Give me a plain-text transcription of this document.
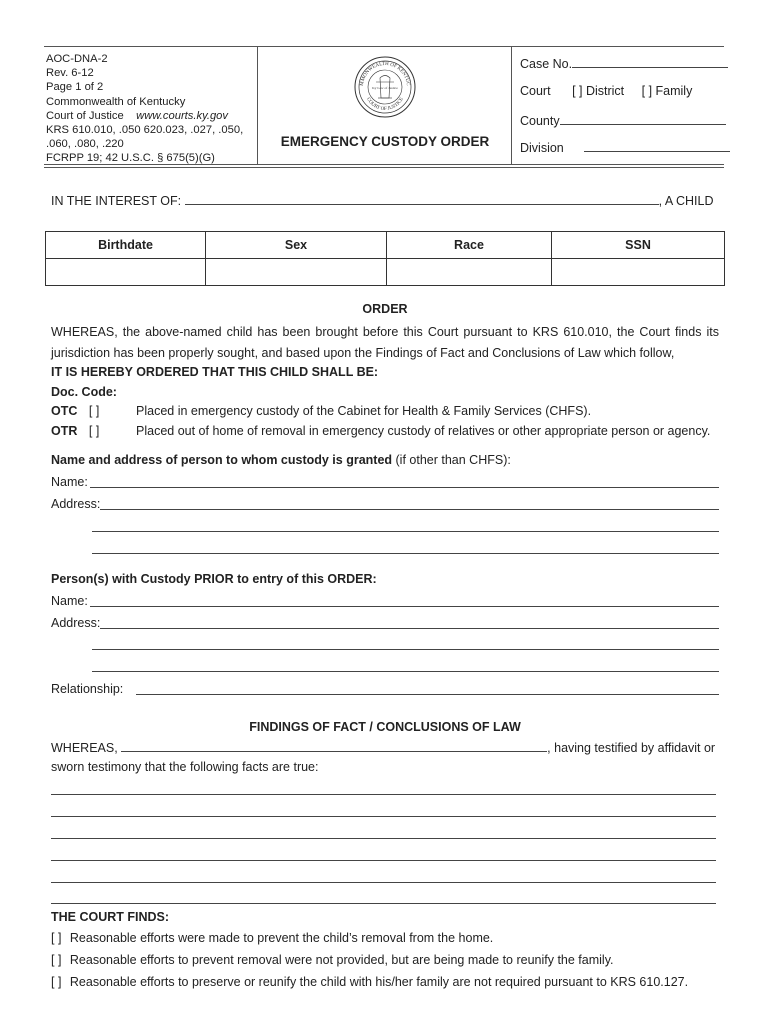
AOC-DNA-2
Rev. 6-12
Page 1 of 2
Commonwealth of Kentucky
Court of Justice www.courts.ky.gov
KRS 610.010, .050 620.023, .027, .050,
.060, .080, .220
FCRPP 19; 42 U.S.C. § 675(5)(G)
MMONWEALTH OF KENTUC
COURT OF JUSTICE
Ky Law of Justice
EMERGENCY CUSTODY ORDER
Case No.
Court [ ] District [ ] Family
County
Division
IN THE INTEREST OF:	, A CHILD
Birthdate	Sex	Race	SSN

ORDER
WHEREAS, the above-named child has been brought before this Court pursuant to KRS 610.010, the Court finds its jurisdiction has been properly sought, and based upon the Findings of Fact and Conclusions of Law which follow,
IT IS HEREBY ORDERED THAT THIS CHILD SHALL BE:
Doc. Code:
OTC [ ]	Placed in emergency custody of the Cabinet for Health & Family Services (CHFS).
OTR [ ]	Placed out of home of removal in emergency custody of relatives or other appropriate person or agency.
Name and address of person to whom custody is granted (if other than CHFS):
Name:
Address:
Person(s) with Custody PRIOR to entry of this ORDER:
Name:
Address:
Relationship:
FINDINGS OF FACT / CONCLUSIONS OF LAW
WHEREAS,	, having testified by affidavit or
sworn testimony that the following facts are true:
THE COURT FINDS:
[ ] Reasonable efforts were made to prevent the child’s removal from the home.
[ ] Reasonable efforts to prevent removal were not provided, but are being made to reunify the family.
[ ] Reasonable efforts to preserve or reunify the child with his/her family are not required pursuant to KRS 610.127.
